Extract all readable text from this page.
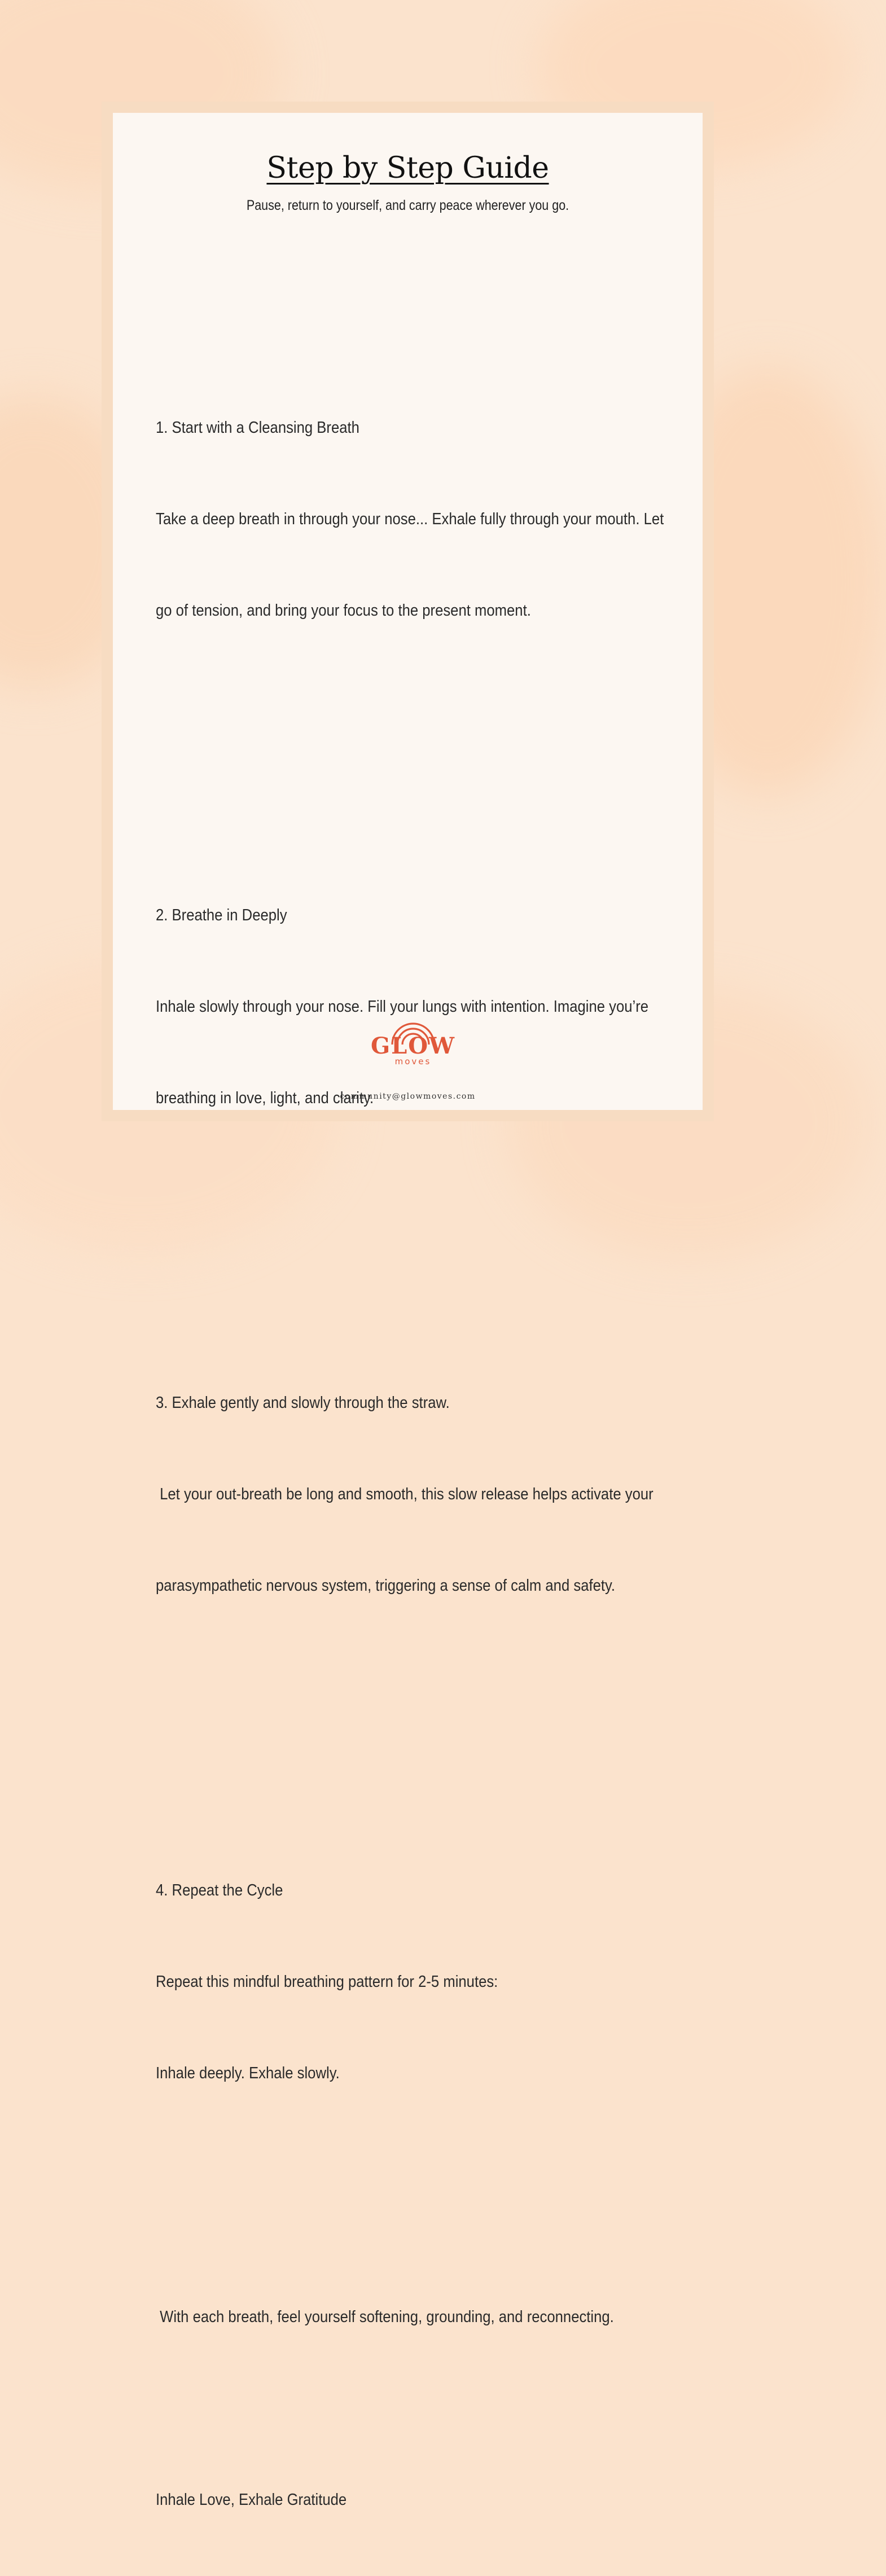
Step by Step Guide
Pause, return to yourself, and carry peace wherever you go.

1. Start with a Cleansing Breath

Take a deep breath in through your nose... Exhale fully through your mouth. Let

go of tension, and bring your focus to the present moment.

2. Breathe in Deeply

Inhale slowly through your nose. Fill your lungs with intention. Imagine you’re

breathing in love, light, and clarity.

3. Exhale gently and slowly through the straw.

Let your out-breath be long and smooth, this slow release helps activate your

parasympathetic nervous system, triggering a sense of calm and safety.

4. Repeat the Cycle

Repeat this mindful breathing pattern for 2-5 minutes:

Inhale deeply. Exhale slowly.

With each breath, feel yourself softening, grounding, and reconnecting.

Inhale Love, Exhale Gratitude

GLOW
moves
community@glowmoves.com
